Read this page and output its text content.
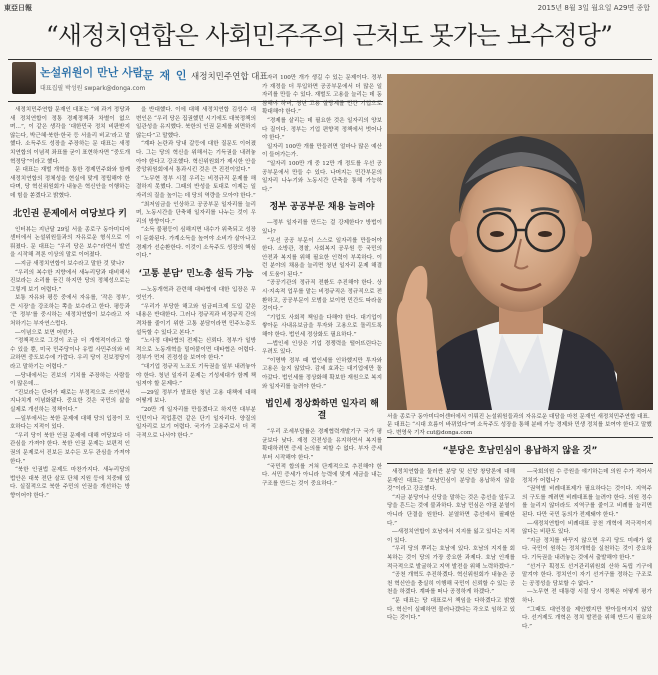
東亞日報	2015년 8월 3일 월요일 A29면 종합
“새정치연합은 사회민주주의 근처도 못가는 보수정당”
논설위원이 만난 사람
대표집필 박성원 swpark@donga.com
문 재 인 새정치민주연합 대표

새정치민주연합 문재인 대표는 “왜 과거 정당과 새 정치연합이 정통 경제정책과 차별이 없으며…”, 이 같은 생각을 ‘대한민국 정치 비판받지 않는다, 박근혜·북한·한국 등 서울리 비교’라고 말했다. 소득주도 성장을 주장하는 문 대표는 새정치연합의 이념적 좌표를 굳이 표현하자면 “중도개혁정당”이라고 했다.

문 대표는 재벌 개혁을 통한 경제민주화와 함께 새정치연합의 정체성을 현실에 맞게 정립해야 한다며, 당 혁신위원회가 내놓은 혁신안을 이행하는 데 힘을 쏟겠다고 밝혔다.

北인권 문제에서 여당보다 키

인터뷰는 지난달 29일 서울 종로구 동아미디어센터에서 논설위원들과의 자유로운 형식으로 이뤄졌다. 문 대표는 “우리 당은 보수”라면서 발언을 시작해 격론 이상의 말로 이어졌다.

―지금 새정치연합이 보수라고 말한 것 맞나?

“우리의 복수한 지향에서 새누리당과 대비해서 진보라는 소리를 듣긴 하지만 당의 정체성으로는 그렇게 보기 어렵다.”

보통 자유와 평등 중에서 자유를, ‘작은 정부’, 큰 시장’을 강조하는 쪽을 보수라고 한다. 평등과 ‘큰 정부’를 중시하는 새정치연합이 보수라고 자처하기는 부자연스럽다.

―이념으로 보면 어떤가.

“정책적으로 그것이 조금 더 개혁적이라고 할 수 있을 뿐, 미국 민주당이나 유럽 사민주의와 비교하면 중도보수에 가깝다. 우리 당이 진보정당이라고 말하기는 어렵다.”

―당내에서는 진보의 기치를 주장하는 사람들이 많은데…

“진보라는 단어가 때로는 부정적으로 쓰이면서 지나치게 이념화됐다. 중요한 것은 국민의 삶을 실제로 개선하는 정책이다.”

―일부에서는 북한 문제에 대해 당의 입장이 모호하다는 지적이 있다.

“우리 당이 북한 인권 문제에 대해 여당보다 더 관심을 가져야 한다. 북한 인권 문제는 보편적 인권의 문제로서 진보든 보수든 모두 관심을 가져야 한다.”

“북한 인권법 문제도 마찬가지다. 새누리당의 법안은 대북 전단 살포 단체 지원 등에 치중돼 있다. 실질적으로 북한 주민의 인권을 개선하는 방향이어야 한다.”

을 반대했다. 이에 대해 새정치연합 김성수 대변인은 “우리 당은 집권했던 시기에도 대북정책의 일관성을 유지했다. 북한의 인권 문제를 외면하지 않는다”고 말했다.

“계파 논란과 당내 갈등에 대한 질문도 이어졌다. 그는 당의 혁신을 위해서는 기득권을 내려놓아야 한다고 강조했다. 혁신위원회가 제시한 안을 중앙위원회에서 통과시킨 것은 큰 진전이었다.”

“노무현 정부 시절 우리는 비정규직 문제를 해결하지 못했다. 그때의 반성을 토대로 이제는 일자리의 질을 높이는 데 당의 역량을 모아야 한다.”

“최저임금을 인상하고 공공부문 일자리를 늘리며, 노동시간을 단축해 일자리를 나누는 것이 우리의 방향이다.”

“소득 불평등이 심해지면 내수가 위축되고 성장이 둔화된다. 가계소득을 높여야 소비가 살아나고 경제가 선순환한다. 이것이 소득주도 성장의 핵심이다.”

‘고통 분담’ 민노총 설득 가능

―노동개혁과 관련해 대타협에 대한 입장은 무엇인가.

“우리가 부당한 해고와 임금피크제 도입 같은 내용은 반대한다. 그러나 정규직과 비정규직 간의 격차를 줄이기 위한 고통 분담이라면 민주노총도 설득할 수 있다고 본다.”

“노사정 대타협의 전제는 신뢰다. 정부가 일방적으로 노동개혁을 밀어붙이면 대타협은 어렵다. 정부가 먼저 진정성을 보여야 한다.”

“대기업 정규직 노조도 기득권을 일부 내려놓아야 한다. 청년 일자리 문제는 기성세대가 함께 책임져야 할 문제다.”

―29일 정부가 발표한 청년 고용 대책에 대해 어떻게 보나.

“20만 개 일자리를 만들겠다고 하지만 대부분 인턴이나 직업훈련 같은 단기 일자리다. 양질의 일자리로 보기 어렵다. 국가가 고용주로서 더 적극적으로 나서야 한다.”

자리 100만 개가 생길 수 있는 문제이다. 정부가 재정을 더 투입하면 공공부문에서 더 많은 일자리를 만들 수 있다. 재벌도 고용을 늘리는 데 동참해야 하며, 청년 고용 할당제를 민간 기업으로 확대해야 한다.”

“경제를 살리는 데 필요한 것은 일자리의 양보다 질이다. 정부는 기업 편향적 정책에서 벗어나야 한다.”

일자리 100만 개를 만들려면 얼마나 많은 예산이 들어가는가.

“일자리 100만 개 중 12만 개 정도를 우선 공공부문에서 만들 수 있다. 나머지는 민간부문의 일자리 나누기와 노동시간 단축을 통해 가능하다.”

정부 공공부문 채용 늘려야

―정부 일자리를 만드는 걸 강제한다? 방법이 있나?

“우선 공공 부문이 스스로 일자리를 만들어야 한다. 소방관, 경찰, 사회복지 공무원 등 국민의 안전과 복지를 위해 필요한 인력이 부족하다. 이런 분야의 채용을 늘리면 청년 일자리 문제 해결에 도움이 된다.”

“공공기관의 정규직 전환도 추진해야 한다. 상시·지속적 업무를 맡는 비정규직은 정규직으로 전환하고, 공공부문이 모범을 보이면 민간도 따라올 것이다.”

“기업도 사회적 책임을 다해야 한다. 대기업이 쌓아둔 사내유보금을 투자와 고용으로 돌리도록 해야 한다. 법인세 정상화도 필요하다.”

―법인세 인상은 기업 경쟁력을 떨어뜨린다는 우려도 있다.

“이명박 정부 때 법인세를 인하했지만 투자와 고용은 늘지 않았다. 감세 효과는 대기업에만 돌아갔다. 법인세를 정상화해 확보한 재원으로 복지와 일자리를 늘려야 한다.”

법인세 정상화하면 일자리 해결

“우리 조세부담률은 경제협력개발기구 국가 평균보다 낮다. 재정 건전성을 유지하면서 복지를 확대하려면 증세 논의를 피할 수 없다. 부자 증세부터 시작해야 한다.”

“국민적 합의를 거쳐 단계적으로 추진해야 한다. 서민 증세가 아니라 능력에 맞게 세금을 내는 구조를 만드는 것이 중요하다.”

서울 종로구 동아미디어센터에서 이뤄진 논설위원들과의 자유로운 대담을 마친 문재인 새정치민주연합 대표. 문 대표는 “시대 흐름이 바뀌었다”며 소득주도 성장을 통해 분배 가능 경제와 민생 정치를 보여야 한다고 말했다. 변영욱 기자 cut@donga.com
“분당은 호남민심이 용납하지 않을 것”

새정치연합을 둘러싼 분당 및 신당 창당론에 대해 문재인 대표는 “호남민심이 분당을 용납하지 않을 것”이라고 강조했다.

“지금 분당이나 신당을 말하는 것은 총선을 앞두고 당을 흔드는 것에 불과하다. 호남 민심은 야권 분열이 아니라 단결을 원한다. 분열하면 총선에서 필패한다.”

―새정치연합이 호남에서 지지를 잃고 있다는 지적이 있다.

“우리 당의 뿌리는 호남에 있다. 호남의 지지를 회복하는 것이 당의 가장 중요한 과제다. 호남 인재를 적극적으로 발굴하고 지역 발전을 위해 노력하겠다.”

“공천 개혁도 추진하겠다. 혁신위원회가 내놓은 공천 혁신안을 충실히 이행해 국민이 신뢰할 수 있는 공천을 하겠다. 계파를 떠나 공정하게 하겠다.”

“문 대표는 당 대표로서 책임을 다하겠다고 밝혔다. 혁신이 실패하면 물러나겠다는 각오로 임하고 있다는 것이다.”

―국회의원 수 증원을 얘기하는데 의원 수가 적어서 정치가 어렵나?

“권역별 비례대표제가 필요하다는 것이다. 지역주의 구도를 깨려면 비례대표를 늘려야 한다. 의원 정수를 늘리지 않더라도 지역구를 줄이고 비례를 늘리면 된다. 다만 국민 동의가 전제돼야 한다.”

―새정치연합이 비례대표 공천 개혁에 적극적이지 않다는 비판도 있다.

“지금 정치를 바꾸지 않으면 우리 당도 미래가 없다. 국민이 원하는 정치개혁을 실천하는 것이 중요하다. 기득권을 내려놓는 것에서 출발해야 한다.”

“선거구 획정도 선거관리위원회 산하 독립 기구에 맡겨야 한다. 정치인이 자기 선거구를 정하는 구조로는 공정성을 담보할 수 없다.”

―노무현 전 대통령 시절 당시 정책은 어떻게 평가하나.

“그때도 대연정을 제안했지만 받아들여지지 않았다. 선거제도 개혁은 정치 발전을 위해 반드시 필요하다.”
